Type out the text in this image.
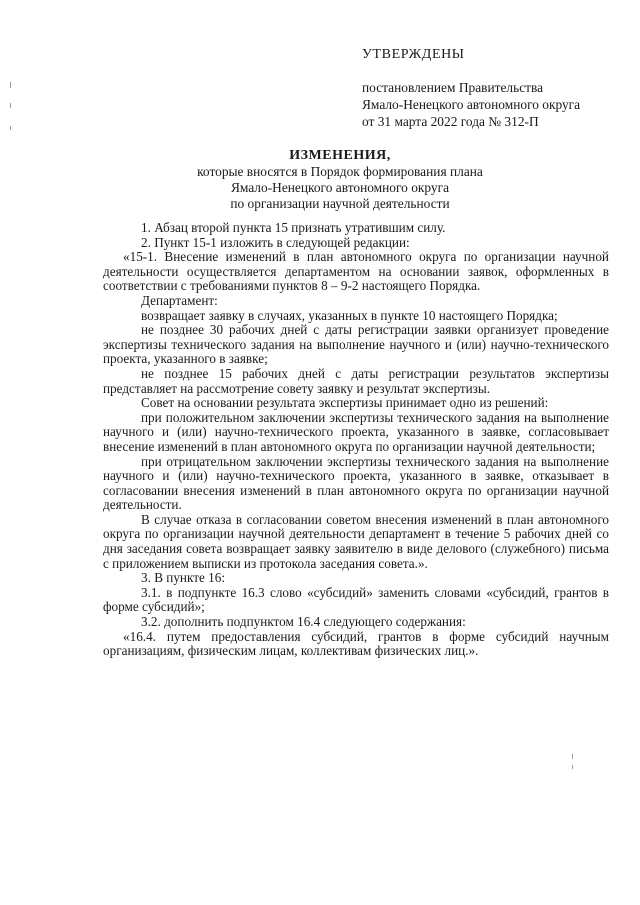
УТВЕРЖДЕНЫ
постановлением Правительства
Ямало-Ненецкого автономного округа
от 31 марта 2022 года № 312-П
ИЗМЕНЕНИЯ,
которые вносятся в Порядок формирования плана
Ямало-Ненецкого автономного округа
по организации научной деятельности

1. Абзац второй пункта 15 признать утратившим силу.

2. Пункт 15-1 изложить в следующей редакции:

«15-1. Внесение изменений в план автономного округа по организации научной деятельности осуществляется департаментом на основании заявок, оформленных в соответствии с требованиями пунктов 8 – 9-2 настоящего Порядка.

Департамент:

возвращает заявку в случаях, указанных в пункте 10 настоящего Порядка;

не позднее 30 рабочих дней с даты регистрации заявки организует проведение экспертизы технического задания на выполнение научного и (или) научно-технического проекта, указанного в заявке;

не позднее 15 рабочих дней с даты регистрации результатов экспертизы представляет на рассмотрение совету заявку и результат экспертизы.

Совет на основании результата экспертизы принимает одно из решений:

при положительном заключении экспертизы технического задания на выполнение научного и (или) научно-технического проекта, указанного в заявке, согласовывает внесение изменений в план автономного округа по организации научной деятельности;

при отрицательном заключении экспертизы технического задания на выполнение научного и (или) научно-технического проекта, указанного в заявке, отказывает в согласовании внесения изменений в план автономного округа по организации научной деятельности.

В случае отказа в согласовании советом внесения изменений в план автономного округа по организации научной деятельности департамент в течение 5 рабочих дней со дня заседания совета возвращает заявку заявителю в виде делового (служебного) письма с приложением выписки из протокола заседания совета.».

3. В пункте 16:

3.1. в подпункте 16.3 слово «субсидий» заменить словами «субсидий, грантов в форме субсидий»;

3.2. дополнить подпунктом 16.4 следующего содержания:

«16.4. путем предоставления субсидий, грантов в форме субсидий научным организациям, физическим лицам, коллективам физических лиц.».
